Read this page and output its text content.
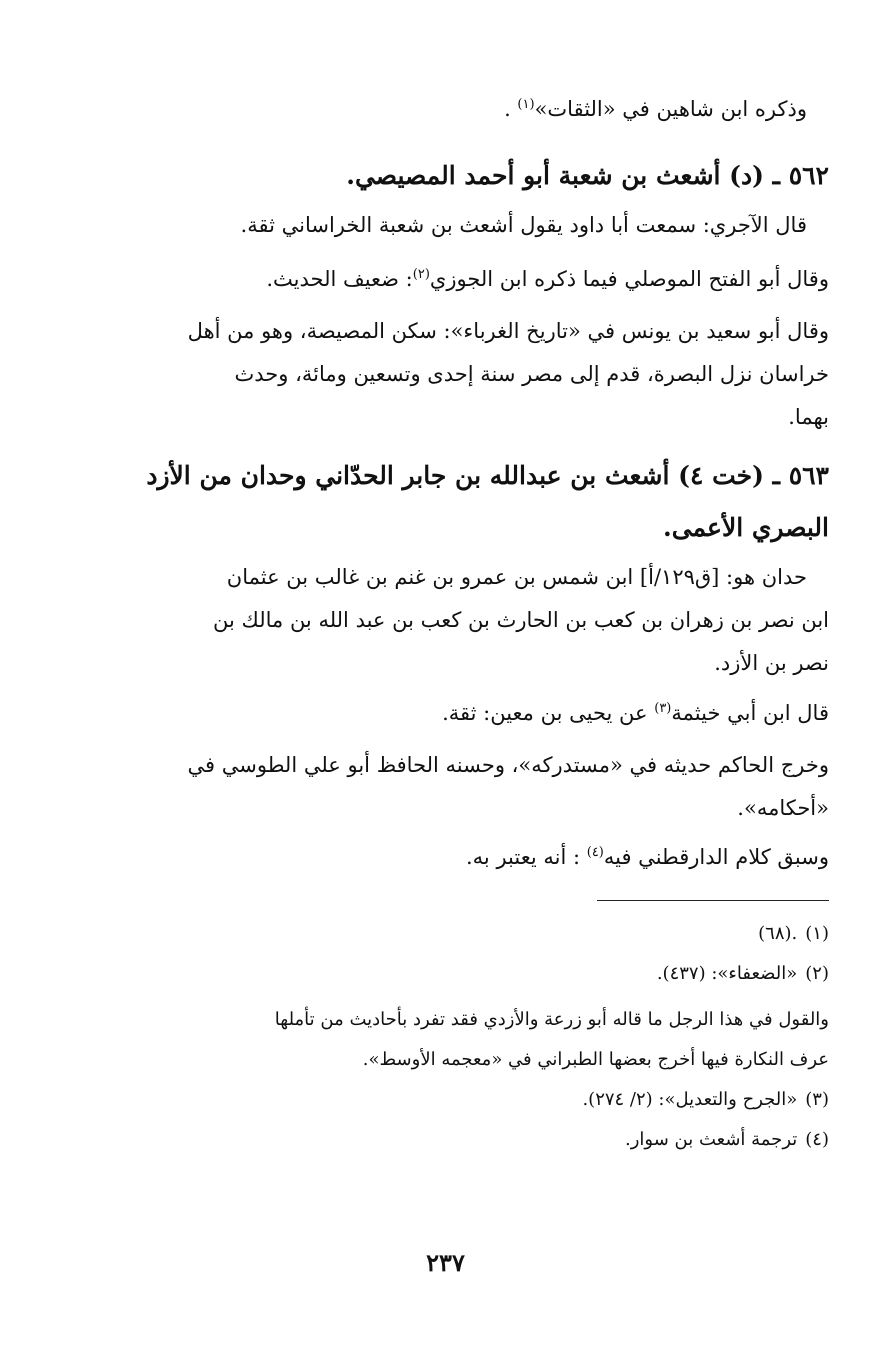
وذكره ابن شاهين في «الثقات»$^{(١)}$ .
٥٦٢ ـ (د) أشعث بن شعبة أبو أحمد المصيصي.
قال الآجري: سمعت أبا داود يقول أشعث بن شعبة الخراساني ثقة.
وقال أبو الفتح الموصلي فيما ذكره ابن الجوزي$^{(٢)}$: ضعيف الحديث.
وقال أبو سعيد بن يونس في «تاريخ الغرباء»: سكن المصيصة، وهو من أهل
خراسان نزل البصرة، قدم إلى مصر سنة إحدى وتسعين ومائة، وحدث
بهما.
٥٦٣ ـ (خت ٤) أشعث بن عبدالله بن جابر الحدّاني وحدان من الأزد
البصري الأعمى.
حدان هو: [ق١٢٩/أ] ابن شمس بن عمرو بن غنم بن غالب بن عثمان
ابن نصر بن زهران بن كعب بن الحارث بن كعب بن عبد الله بن مالك بن
نصر بن الأزد.
قال ابن أبي خيثمة$^{(٣)}$ عن يحيى بن معين: ثقة.
وخرج الحاكم حديثه في «مستدركه»، وحسنه الحافظ أبو علي الطوسي في
«أحكامه».
وسبق كلام الدارقطني فيه$^{(٤)}$ : أنه يعتبر به.
(١).(٦٨)
(٢)«الضعفاء»: (٤٣٧).
والقول في هذا الرجل ما قاله أبو زرعة والأزدي فقد تفرد بأحاديث من تأملها
عرف النكارة فيها أخرج بعضها الطبراني في «معجمه الأوسط».
(٣)«الجرح والتعديل»: (٢/ ٢٧٤).
(٤)ترجمة أشعث بن سوار.
٢٣٧
